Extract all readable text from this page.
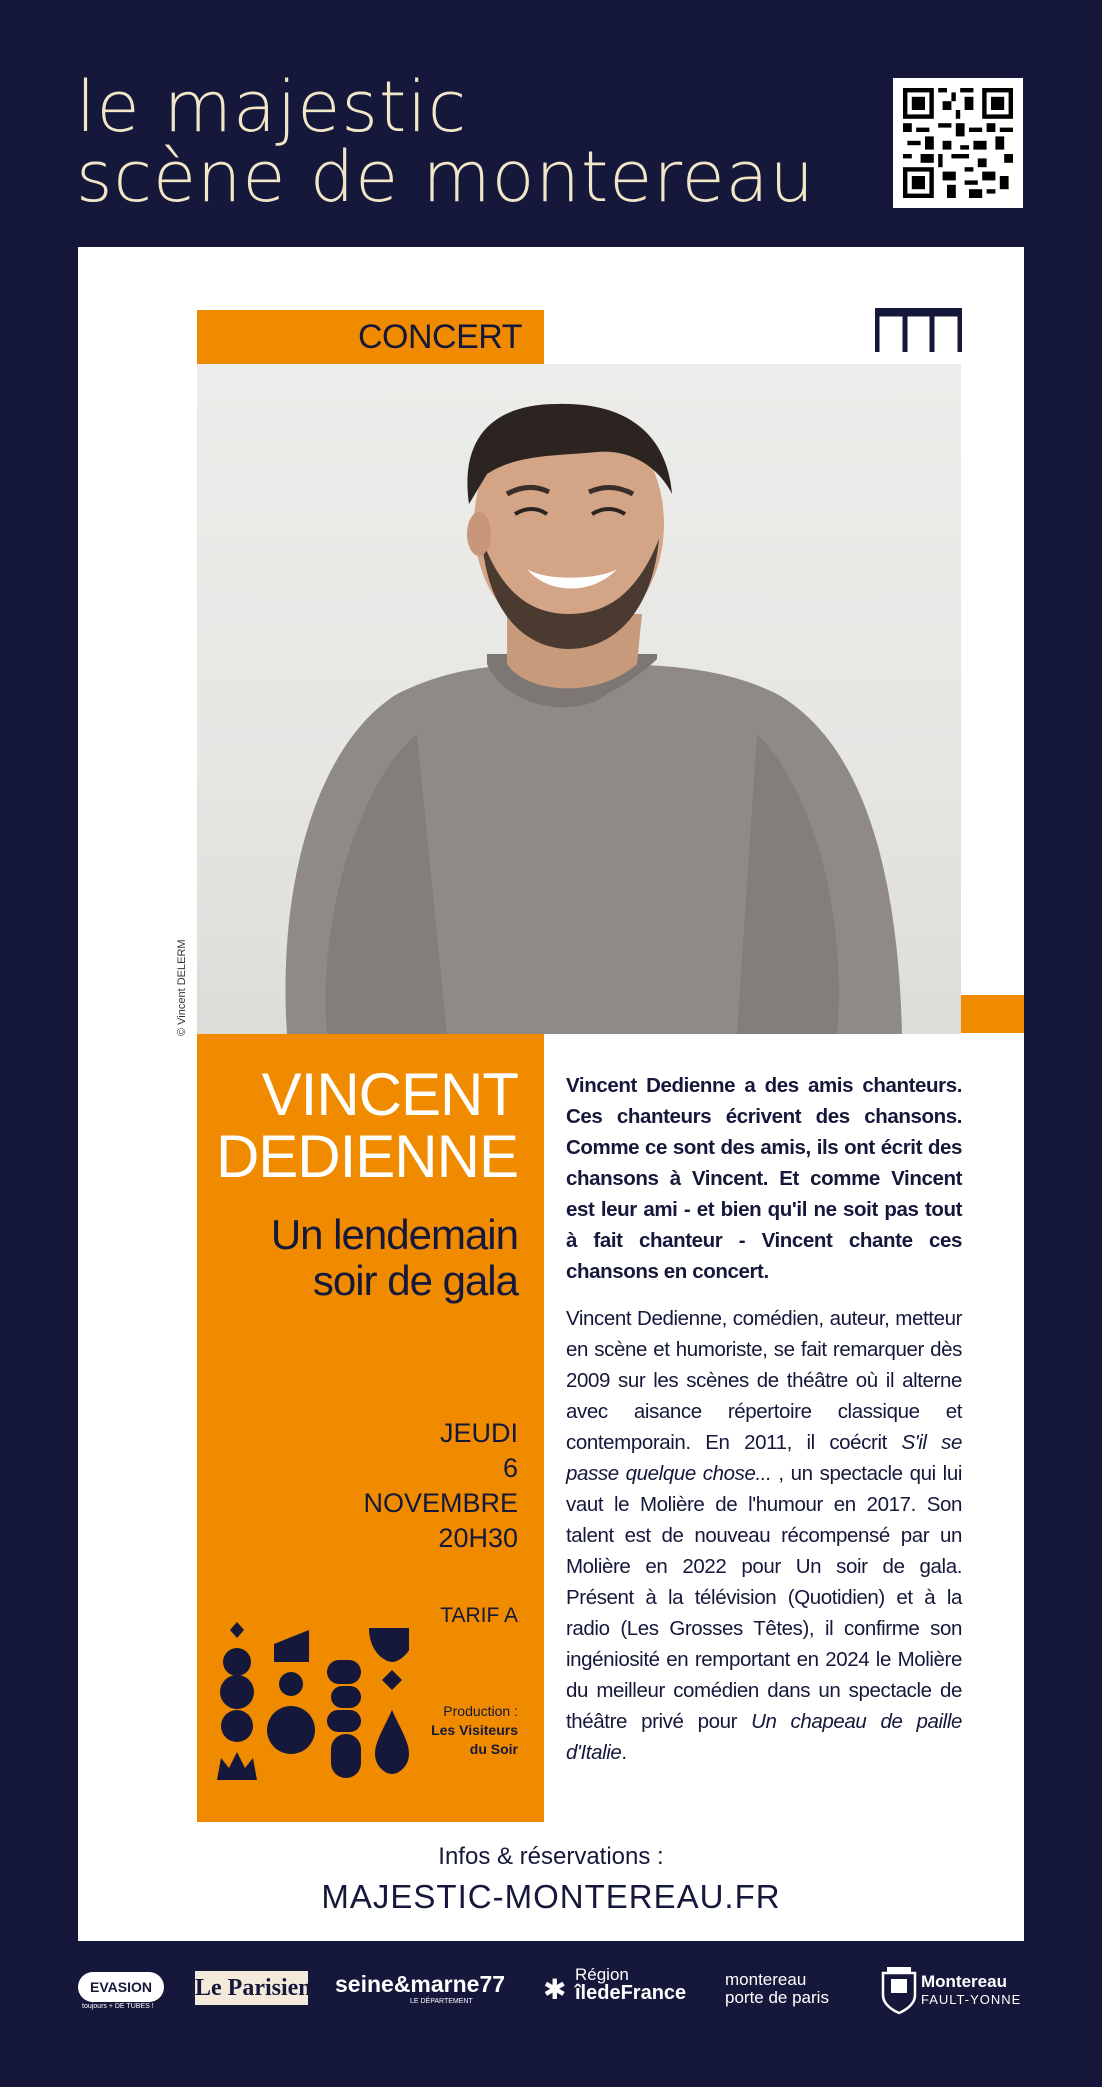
le majestic
scène de montereau
CONCERT
© Vincent DELERM
VINCENT
DEDIENNE
Un lendemain
soir de gala
JEUDI
6
NOVEMBRE
20H30
TARIF A
Production :
Les Visiteurs
du Soir

Vincent Dedienne a des amis chanteurs. Ces chanteurs écrivent des chansons. Comme ce sont des amis, ils ont écrit des chansons à Vincent. Et comme Vincent est leur ami - et bien qu'il ne soit pas tout à fait chanteur - Vincent chante ces chansons en concert.

Vincent Dedienne, comédien, auteur, metteur en scène et humoriste, se fait remarquer dès 2009 sur les scènes de théâtre où il alterne avec aisance répertoire classique et contemporain. En 2011, il coécrit S'il se passe quelque chose... , un spectacle qui lui vaut le Molière de l'humour en 2017. Son talent est de nouveau récompensé par un Molière en 2022 pour Un soir de gala. Présent à la télévision (Quotidien) et à la radio (Les Grosses Têtes), il confirme son ingéniosité en remportant en 2024 le Molière du meilleur comédien dans un spectacle de théâtre privé pour Un chapeau de paille d'Italie.

Infos & réservations :
MAJESTIC-MONTEREAU.FR
EVASION
toujours + DE TUBES !
Le Parisien seine&marne77
LE DÉPARTEMENT	✱ Région
îledeFrance
montereau
porte de paris
Montereau
FAULT-YONNE
